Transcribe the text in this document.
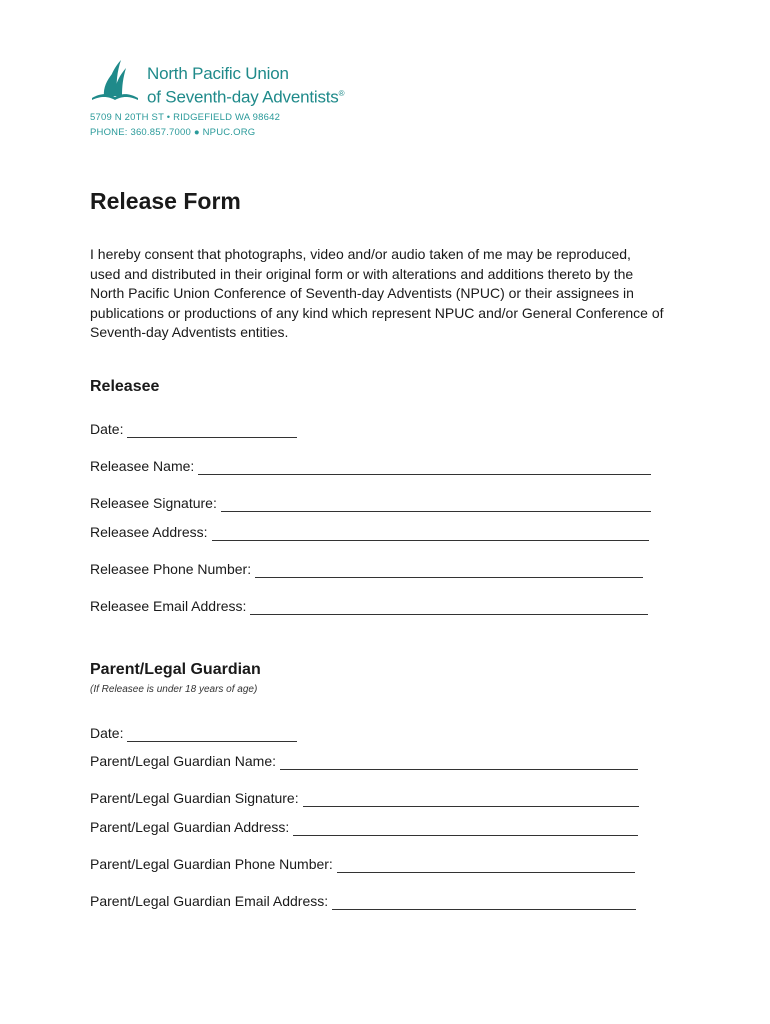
North Pacific Union
of Seventh-day Adventists®
5709 N 20TH ST • RIDGEFIELD WA 98642
PHONE: 360.857.7000 ● NPUC.ORG
Release Form

I hereby consent that photographs, video and/or audio taken of me may be reproduced, used and distributed in their original form or with alterations and additions thereto by the North Pacific Union Conference of Seventh-day Adventists (NPUC) or their assignees in publications or productions of any kind which represent NPUC and/or General Conference of Seventh-day Adventists entities.

Releasee
Date:
Releasee Name:
Releasee Signature:
Releasee Address:
Releasee Phone Number:
Releasee Email Address:
Parent/Legal Guardian
(If Releasee is under 18 years of age)
Date:
Parent/Legal Guardian Name:
Parent/Legal Guardian Signature:
Parent/Legal Guardian Address:
Parent/Legal Guardian Phone Number:
Parent/Legal Guardian Email Address:
